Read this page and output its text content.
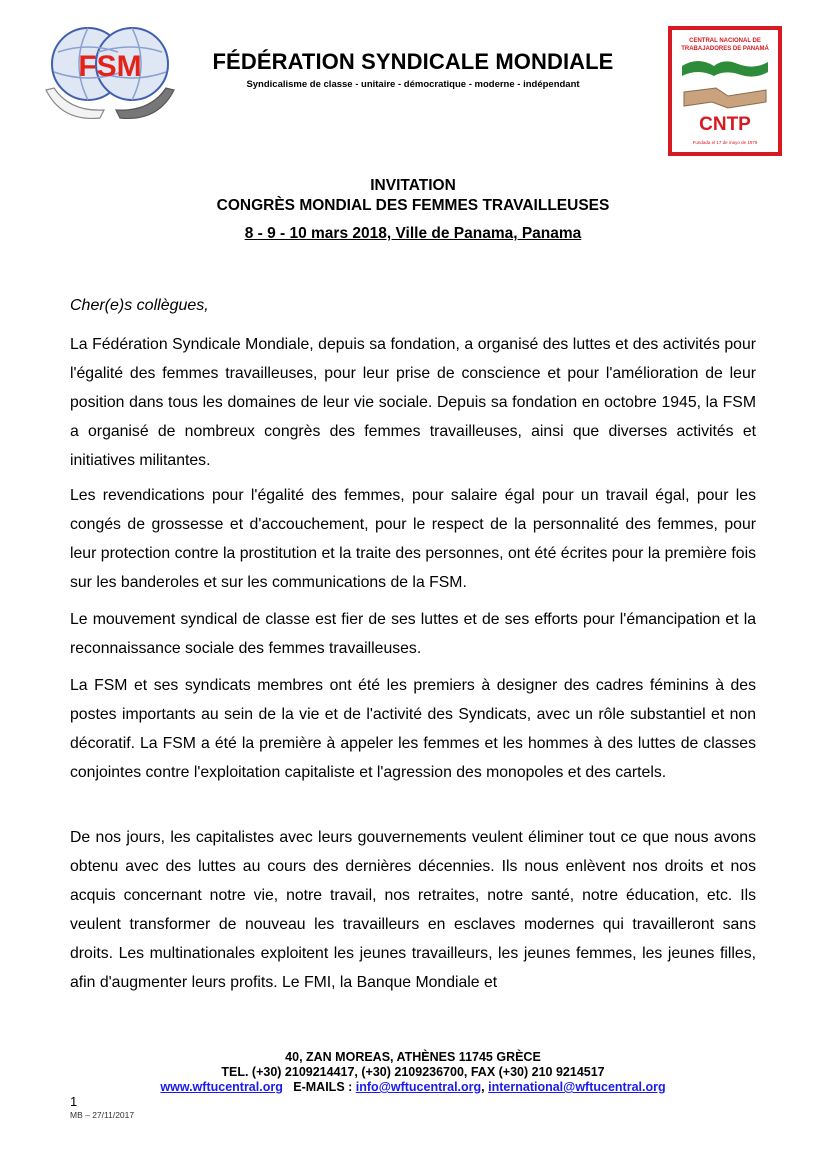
FSM	FÉDÉRATION SYNDICALE MONDIALE
Syndicalisme de classe - unitaire - démocratique - moderne - indépendant
CENTRAL NACIONAL DE
TRABAJADORES DE PANAMÁ
CNTP
Fundada el 17 de mayo de 1979
INVITATION
CONGRÈS MONDIAL DES FEMMES TRAVAILLEUSES
8 - 9 - 10 mars 2018, Ville de Panama, Panama
Cher(e)s collègues,

La Fédération Syndicale Mondiale, depuis sa fondation, a organisé des luttes et des activités pour l'égalité des femmes travailleuses, pour leur prise de conscience et pour l'amélioration de leur position dans tous les domaines de leur vie sociale. Depuis sa fondation en octobre 1945, la FSM a organisé de nombreux congrès des femmes travailleuses, ainsi que diverses activités et initiatives militantes.

Les revendications pour l'égalité des femmes, pour salaire égal pour un travail égal, pour les congés de grossesse et d'accouchement, pour le respect de la personnalité des femmes, pour leur protection contre la prostitution et la traite des personnes, ont été écrites pour la première fois sur les banderoles et sur les communications de la FSM.

Le mouvement syndical de classe est fier de ses luttes et de ses efforts pour l'émancipation et la reconnaissance sociale des femmes travailleuses.

La FSM et ses syndicats membres ont été les premiers à designer des cadres féminins à des postes importants au sein de la vie et de l'activité des Syndicats, avec un rôle substantiel et non décoratif. La FSM a été la première à appeler les femmes et les hommes à des luttes de classes conjointes contre l'exploitation capitaliste et l'agression des monopoles et des cartels.

De nos jours, les capitalistes avec leurs gouvernements veulent éliminer tout ce que nous avons obtenu avec des luttes au cours des dernières décennies. Ils nous enlèvent nos droits et nos acquis concernant notre vie, notre travail, nos retraites, notre santé, notre éducation, etc. Ils veulent transformer de nouveau les travailleurs en esclaves modernes qui travailleront sans droits. Les multinationales exploitent les jeunes travailleurs, les jeunes femmes, les jeunes filles, afin d'augmenter leurs profits. Le FMI, la Banque Mondiale et

40, ZAN MOREAS, ATHÈNES 11745 GRÈCE
TEL. (+30) 2109214417, (+30) 2109236700, FAX (+30) 210 9214517
www.wftucentral.org E-MAILS : info@wftucentral.org, international@wftucentral.org
1
MB – 27/11/2017
